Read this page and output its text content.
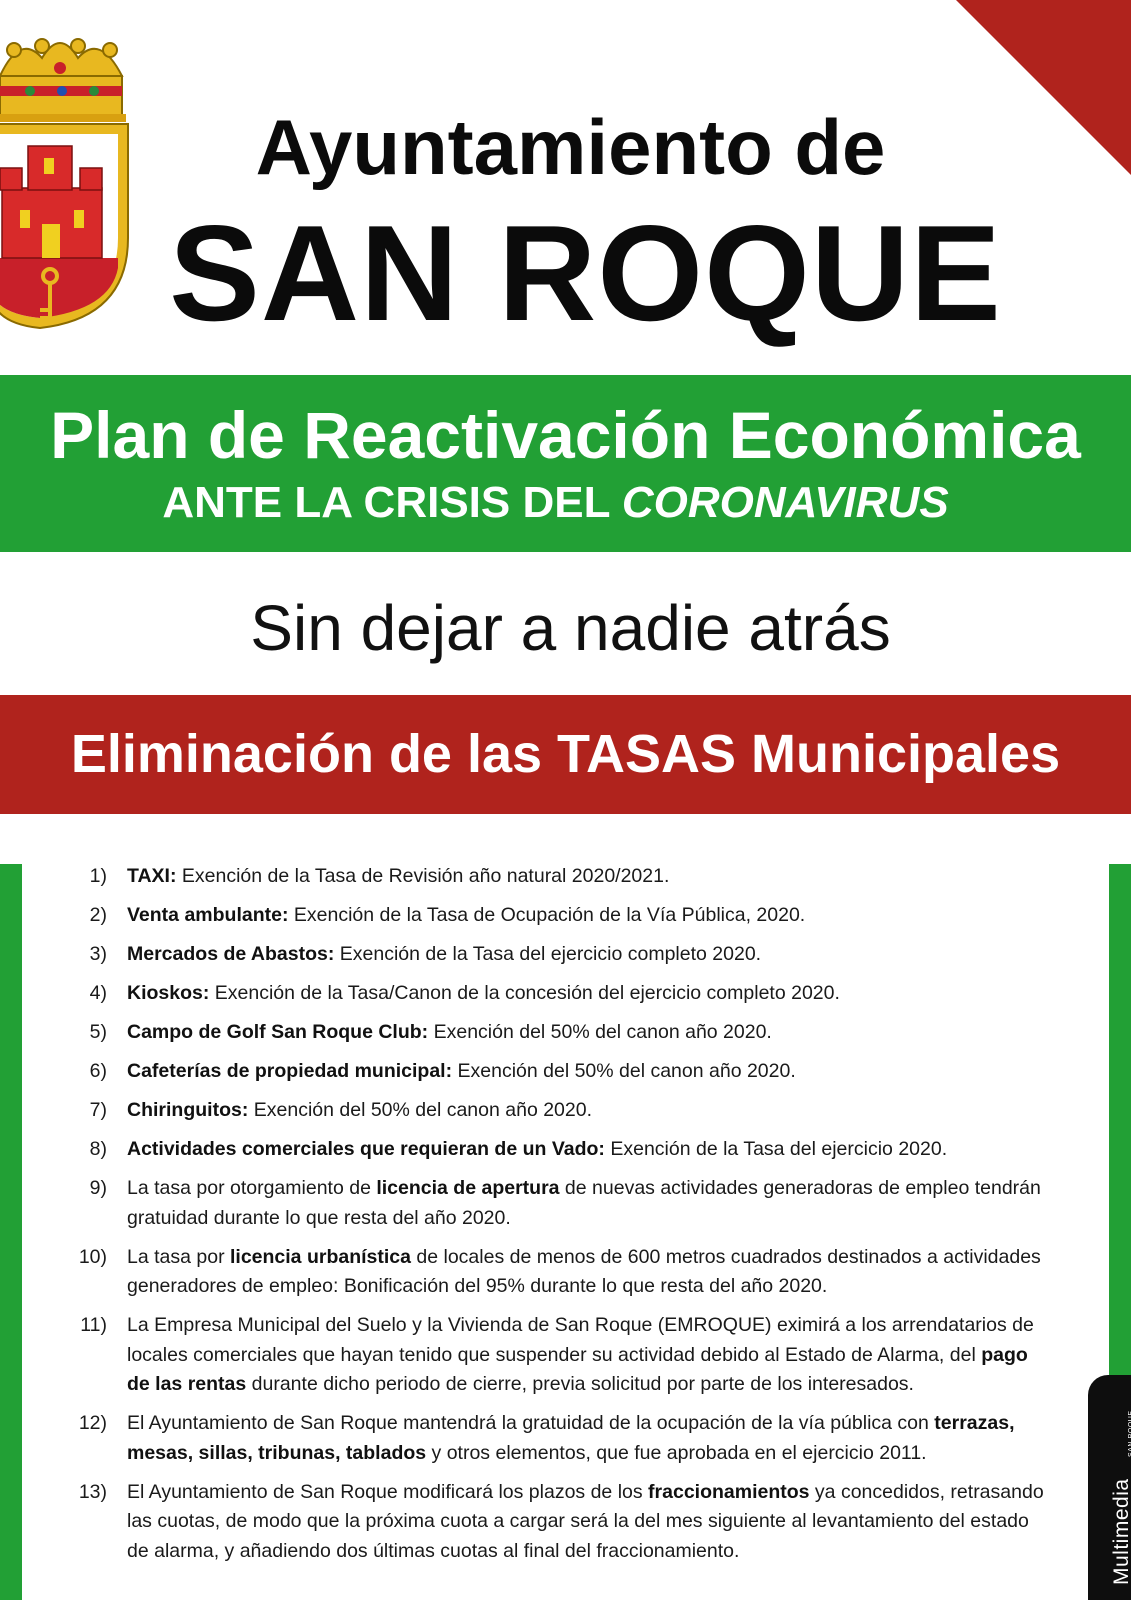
Ayuntamiento de
SAN ROQUE
Plan de Reactivación Económica
ANTE LA CRISIS DEL CORONAVIRUS
Sin dejar a nadie atrás
Eliminación de las TASAS Municipales
1)	TAXI: Exención de la Tasa de Revisión año natural 2020/2021.
2)	Venta ambulante: Exención de la Tasa de Ocupación de la Vía Pública, 2020.
3)	Mercados de Abastos: Exención de la Tasa del ejercicio completo 2020.
4)	Kioskos: Exención de la Tasa/Canon de la concesión del ejercicio completo 2020.
5)	Campo de Golf San Roque Club: Exención del 50% del canon año 2020.
6)	Cafeterías de propiedad municipal: Exención del 50% del canon año 2020.
7)	Chiringuitos: Exención del 50% del canon año 2020.
8)	Actividades comerciales que requieran de un Vado: Exención de la Tasa del ejercicio 2020.
9)	La tasa por otorgamiento de licencia de apertura de nuevas actividades generadoras de empleo tendrán gratuidad durante lo que resta del año 2020.
10)	La tasa por licencia urbanística de locales de menos de 600 metros cuadrados destinados a actividades generadores de empleo: Bonificación del 95% durante lo que resta del año 2020.
11)	La Empresa Municipal del Suelo y la Vivienda de San Roque (EMROQUE) eximirá a los arrendatarios de locales comerciales que hayan tenido que suspender su actividad debido al Estado de Alarma, del pago de las rentas durante dicho periodo de cierre, previa solicitud por parte de los interesados.
12)	El Ayuntamiento de San Roque mantendrá la gratuidad de la ocupación de la vía pública con terrazas, mesas, sillas, tribunas, tablados y otros elementos, que fue aprobada en el ejercicio 2011.
13)	El Ayuntamiento de San Roque modificará los plazos de los fraccionamientos ya concedidos, retrasando las cuotas, de modo que la próxima cuota a cargar será la del mes siguiente al levantamiento del estado de alarma, y añadiendo dos últimas cuotas al final del fraccionamiento.	Multimedia
SAN ROQUE
